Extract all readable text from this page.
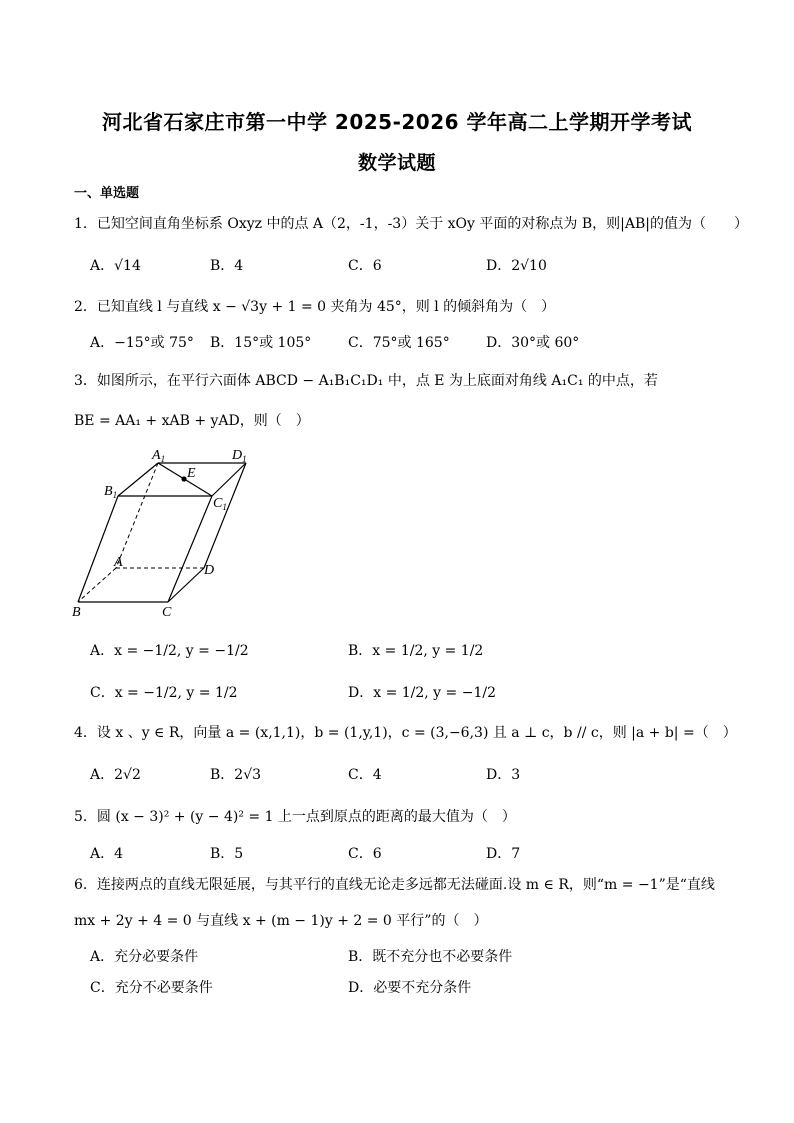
河北省石家庄市第一中学 2025-2026 学年高二上学期开学考试
数学试题
一、单选题
1．已知空间直角坐标系 Oxyz 中的点 A（2，-1，-3）关于 xOy 平面的对称点为 B，则|AB|的值为（　　）
A．√14	B．4	C．6	D．2√10
2．已知直线 l 与直线 x − √3y + 1 = 0 夹角为 45°，则 l 的倾斜角为（　）
A．−15°或 75° B．15°或 105°	C．75°或 165°	D．30°或 60°
3．如图所示，在平行六面体 ABCD − A₁B₁C₁D₁ 中，点 E 为上底面对角线 A₁C₁ 的中点，若
BE = AA₁ + xAB + yAD，则（　）
$A_1$	$D_1$
E
$B_1$
$C_1$
A
D
B	C
A．x = −1/2, y = −1/2	B．x = 1/2, y = 1/2
C．x = −1/2, y = 1/2	D．x = 1/2, y = −1/2
4．设 x 、y ∈ R，向量 a = (x,1,1)，b = (1,y,1)，c = (3,−6,3) 且 a ⊥ c，b // c，则 |a + b| =（　）
A．2√2	B．2√3	C．4	D．3
5．圆 (x − 3)² + (y − 4)² = 1 上一点到原点的距离的最大值为（　）
A．4	B．5	C．6	D．7
6．连接两点的直线无限延展，与其平行的直线无论走多远都无法碰面.设 m ∈ R，则“m = −1”是“直线
mx + 2y + 4 = 0 与直线 x + (m − 1)y + 2 = 0 平行”的（　）
A．充分必要条件	B．既不充分也不必要条件
C．充分不必要条件	D．必要不充分条件
